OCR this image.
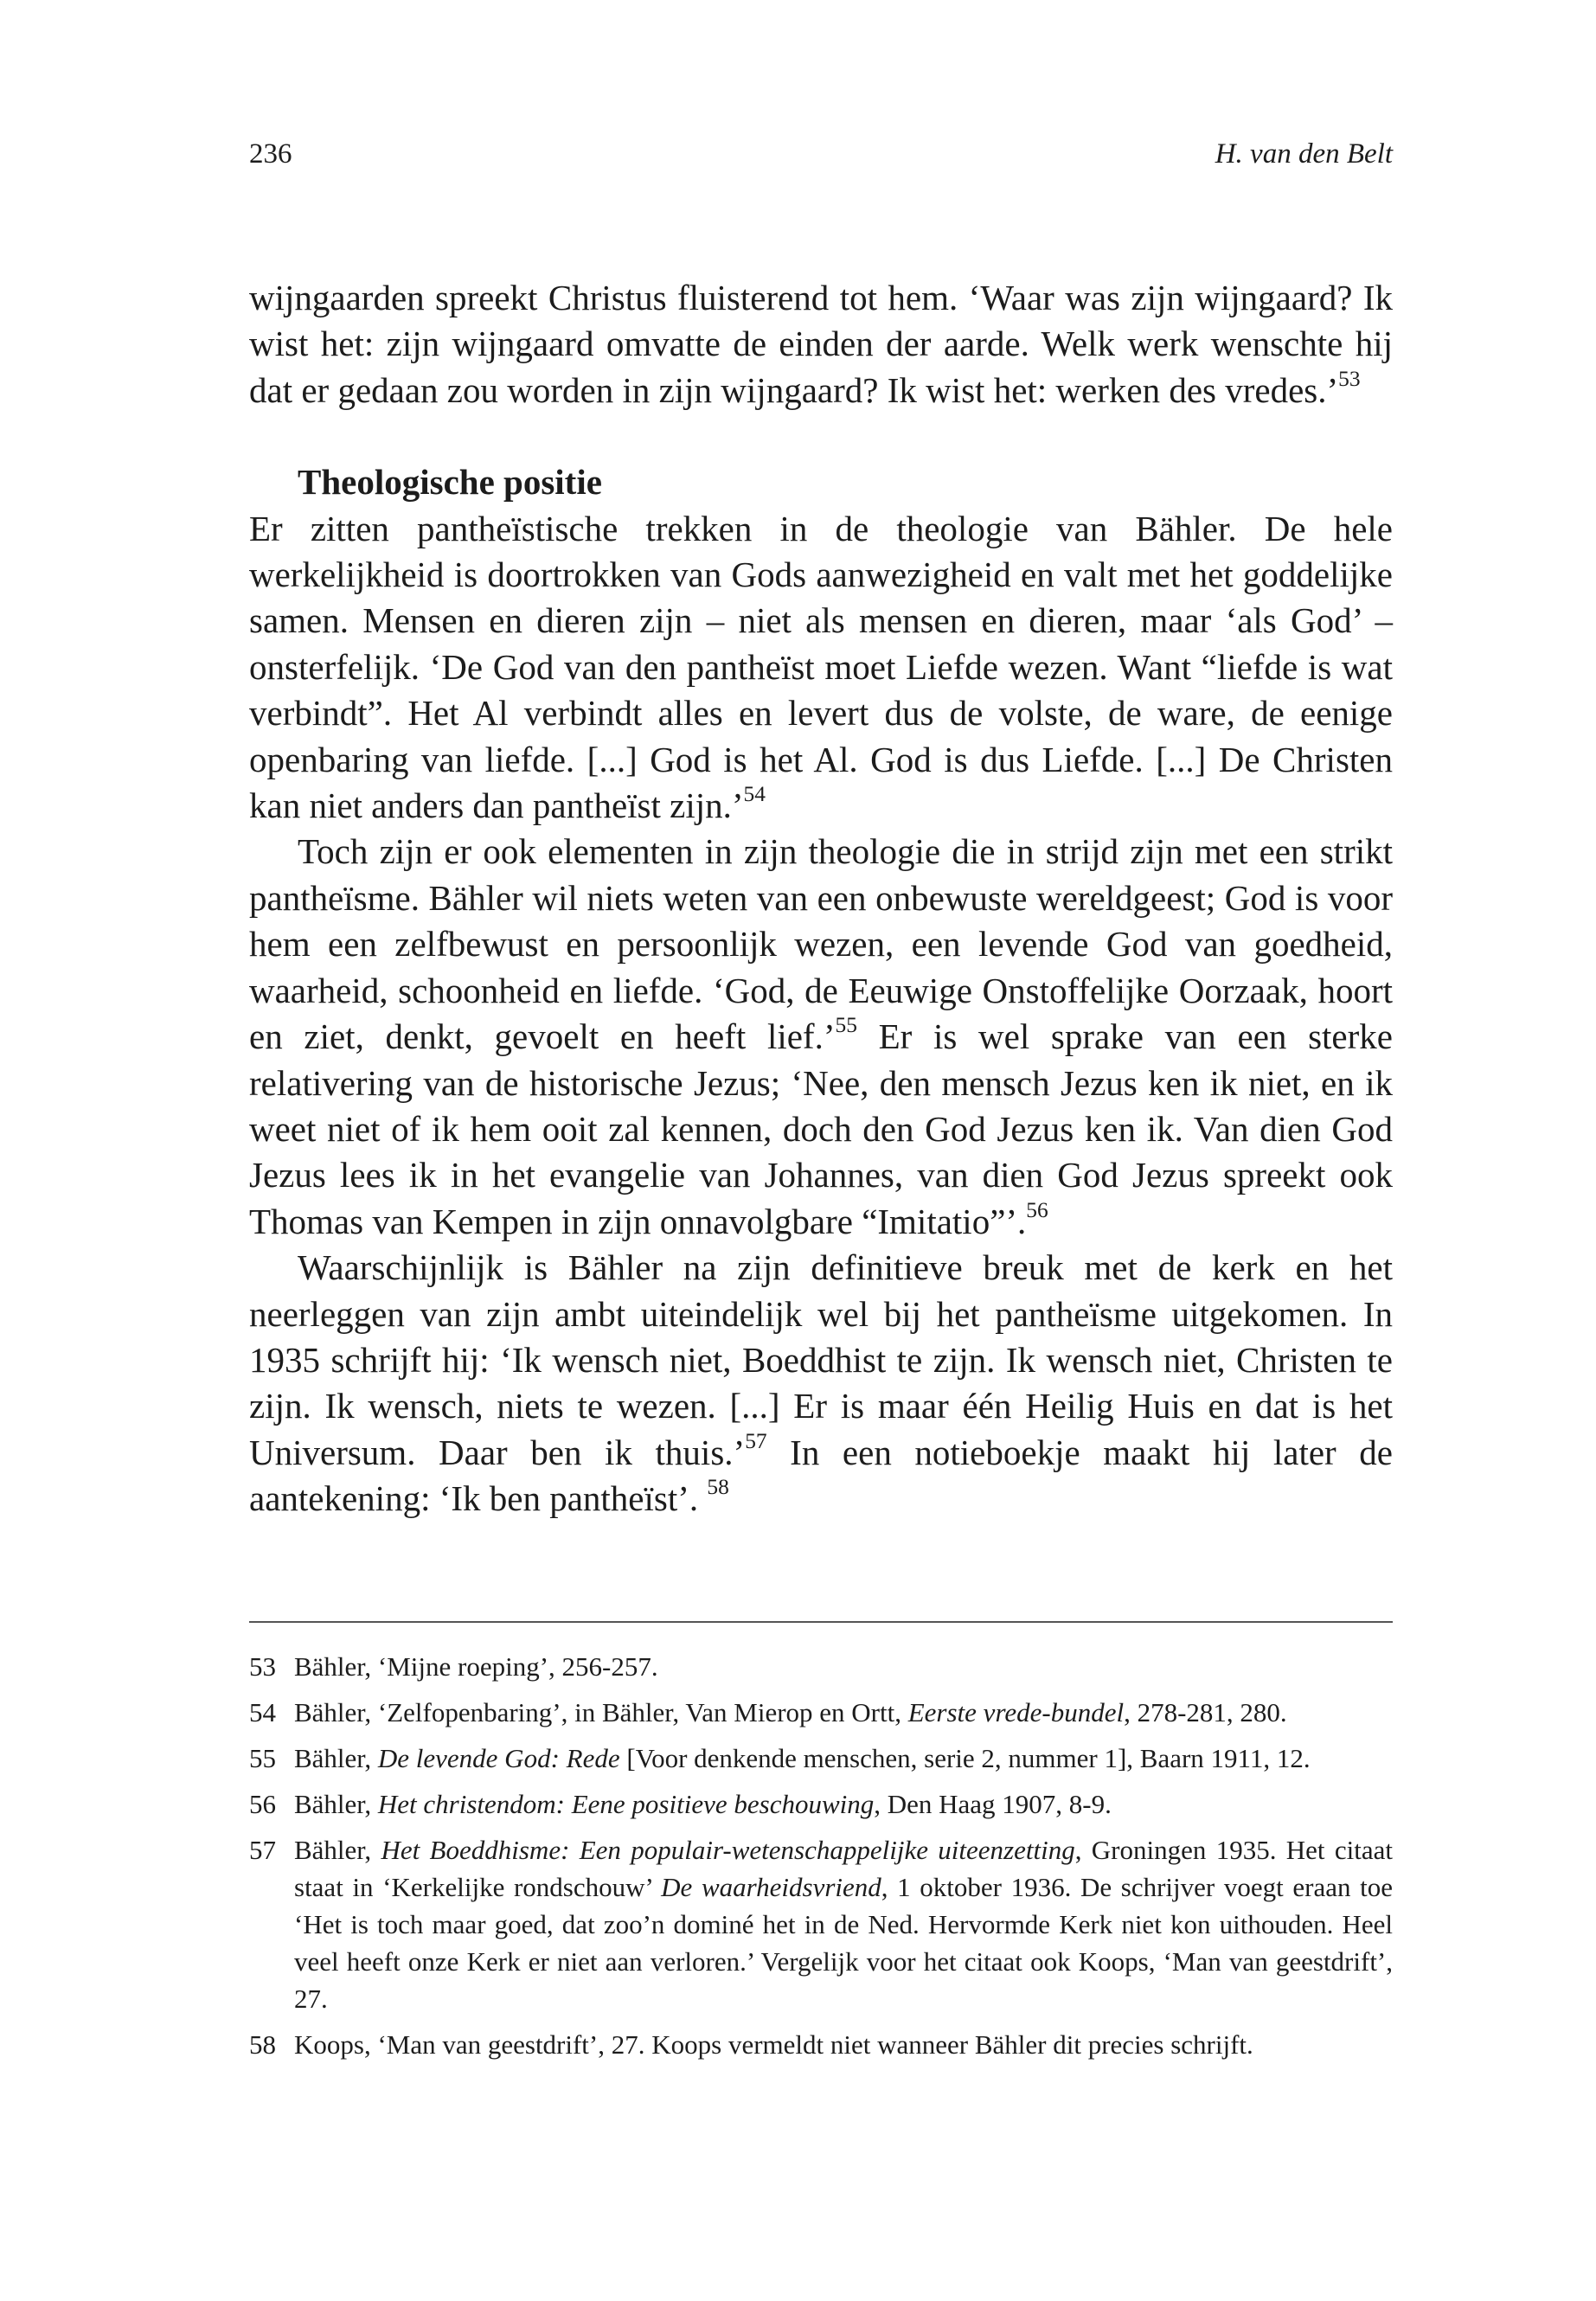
236	H. van den Belt

wijngaarden spreekt Christus fluisterend tot hem. ‘Waar was zijn wijngaard? Ik wist het: zijn wijngaard omvatte de einden der aarde. Welk werk wenschte hij dat er gedaan zou worden in zijn wijngaard? Ik wist het: werken des vredes.’$^{53}$

Theologische positie

Er zitten pantheïstische trekken in de theologie van Bähler. De hele werkelijkheid is doortrokken van Gods aanwezigheid en valt met het goddelijke samen. Mensen en dieren zijn – niet als mensen en dieren, maar ‘als God’ – onsterfelijk. ‘De God van den pantheïst moet Liefde wezen. Want “liefde is wat verbindt”. Het Al verbindt alles en levert dus de volste, de ware, de eenige openbaring van liefde. [...] God is het Al. God is dus Liefde. [...] De Christen kan niet anders dan pantheïst zijn.’$^{54}$

Toch zijn er ook elementen in zijn theologie die in strijd zijn met een strikt pantheïsme. Bähler wil niets weten van een onbewuste wereldgeest; God is voor hem een zelfbewust en persoonlijk wezen, een levende God van goedheid, waarheid, schoonheid en liefde. ‘God, de Eeuwige Onstoffelijke Oorzaak, hoort en ziet, denkt, gevoelt en heeft lief.’$^{55}$ Er is wel sprake van een sterke relativering van de historische Jezus; ‘Nee, den mensch Jezus ken ik niet, en ik weet niet of ik hem ooit zal kennen, doch den God Jezus ken ik. Van dien God Jezus lees ik in het evangelie van Johannes, van dien God Jezus spreekt ook Thomas van Kempen in zijn onnavolgbare “Imitatio”’.$^{56}$

Waarschijnlijk is Bähler na zijn definitieve breuk met de kerk en het neerleggen van zijn ambt uiteindelijk wel bij het pantheïsme uitgekomen. In 1935 schrijft hij: ‘Ik wensch niet, Boeddhist te zijn. Ik wensch niet, Christen te zijn. Ik wensch, niets te wezen. [...] Er is maar één Heilig Huis en dat is het Universum. Daar ben ik thuis.’$^{57}$ In een notieboekje maakt hij later de aantekening: ‘Ik ben pantheïst’. $^{58}$

53 Bähler, ‘Mijne roeping’, 256-257.
54 Bähler, ‘Zelfopenbaring’, in Bähler, Van Mierop en Ortt, Eerste vrede-bundel, 278-281, 280.
55 Bähler, De levende God: Rede [Voor denkende menschen, serie 2, nummer 1], Baarn 1911, 12.
56 Bähler, Het christendom: Eene positieve beschouwing, Den Haag 1907, 8-9.
57 Bähler, Het Boeddhisme: Een populair-wetenschappelijke uiteenzetting, Groningen 1935. Het citaat staat in ‘Kerkelijke rondschouw’ De waarheidsvriend, 1 oktober 1936. De schrijver voegt eraan toe ‘Het is toch maar goed, dat zoo’n dominé het in de Ned. Hervormde Kerk niet kon uithouden. Heel veel heeft onze Kerk er niet aan verloren.’ Vergelijk voor het citaat ook Koops, ‘Man van geestdrift’, 27.
58 Koops, ‘Man van geestdrift’, 27. Koops vermeldt niet wanneer Bähler dit precies schrijft.
